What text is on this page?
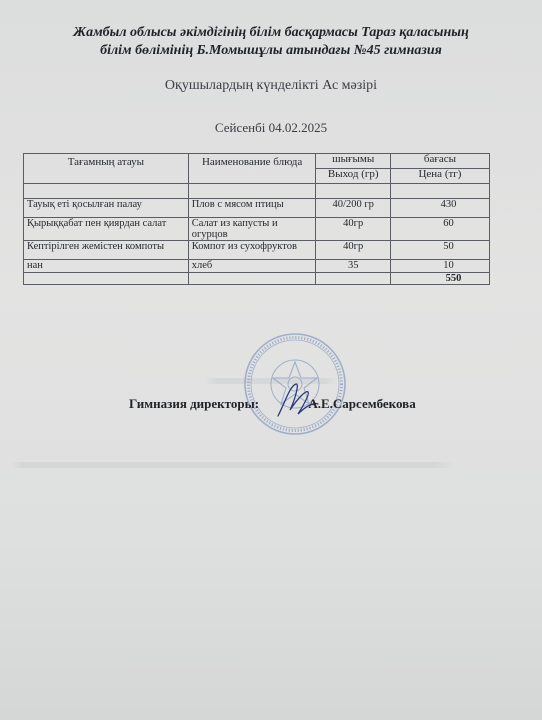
Жамбыл облысы әкімдігінің білім басқармасы Тараз қаласының
білім бөлімінің Б.Момышұлы атындағы №45 гимназия
Оқушылардың күнделікті Ас мәзірі
Сейсенбі 04.02.2025
Тағамның атауы	Наименование блюда	шығымы	бағасы
		Выход (гр)	Цена (тг)

Тауық еті қосылған палау	Плов с мясом птицы	40/200 гр	430
Қырыққабат пен қиярдан салат	Салат из капусты и огурцов	40гр	60
Кептірілген жемістен компоты	Компот из сухофруктов	40гр	50
нан	хлеб	35	10
			550
Гимназия директоры:	А.Е.Сарсембекова
